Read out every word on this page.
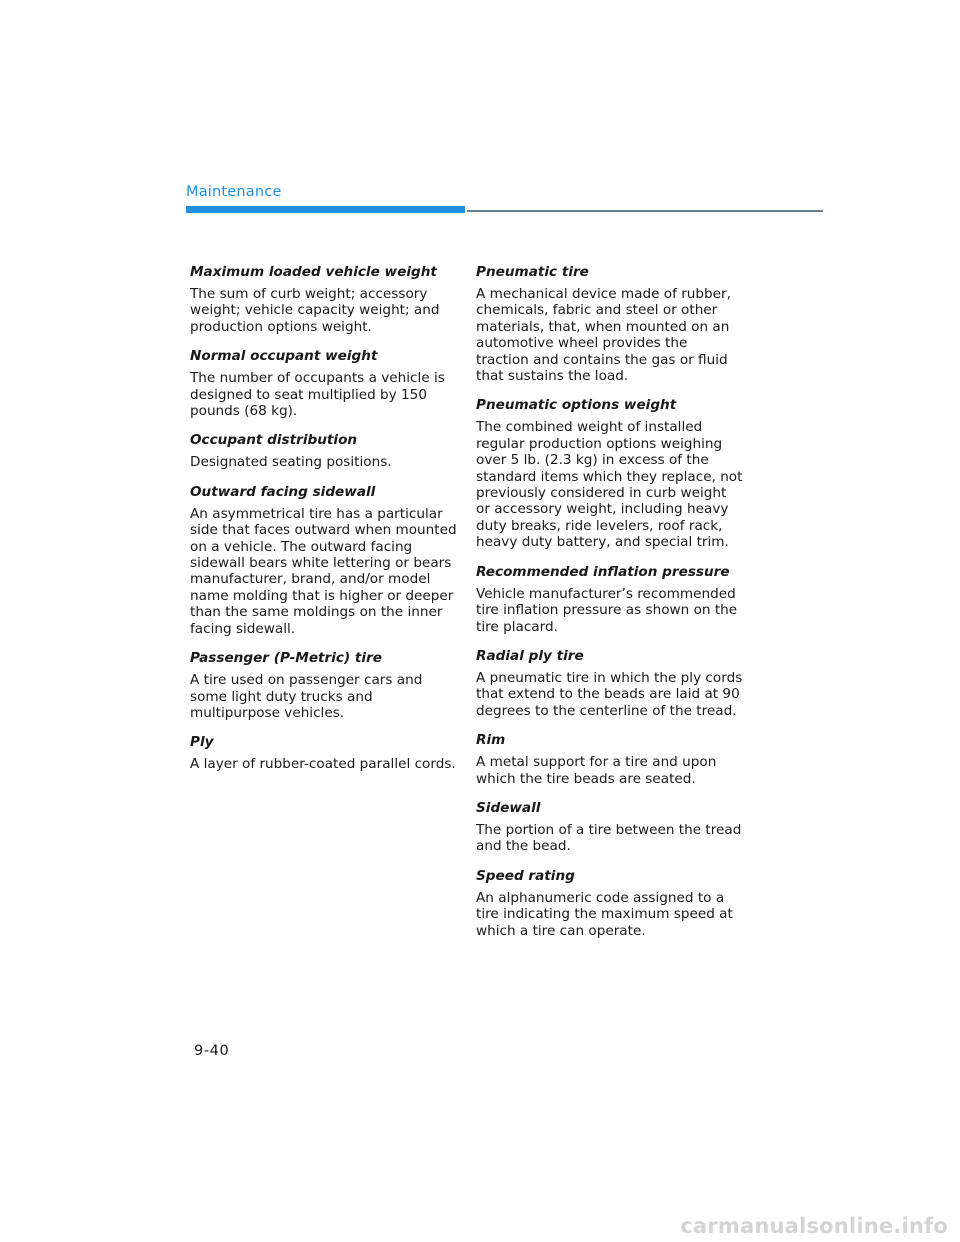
Maintenance

Maximum loaded vehicle weight

The sum of curb weight; accessory weight; vehicle capacity weight; and production options weight.

Normal occupant weight

The number of occupants a vehicle is designed to seat multiplied by 150 pounds (68 kg).

Occupant distribution

Designated seating positions.

Outward facing sidewall

An asymmetrical tire has a particular side that faces outward when mounted on a vehicle. The outward facing sidewall bears white lettering or bears manufacturer, brand, and/or model name molding that is higher or deeper than the same moldings on the inner facing sidewall.

Passenger (P-Metric) tire

A tire used on passenger cars and some light duty trucks and multipurpose vehicles.

Ply

A layer of rubber-coated parallel cords.

Pneumatic tire

A mechanical device made of rubber, chemicals, fabric and steel or other materials, that, when mounted on an automotive wheel provides the traction and contains the gas or fluid that sustains the load.

Pneumatic options weight

The combined weight of installed regular production options weighing over 5 lb. (2.3 kg) in excess of the standard items which they replace, not previously considered in curb weight or accessory weight, including heavy duty breaks, ride levelers, roof rack, heavy duty battery, and special trim.

Recommended inflation pressure

Vehicle manufacturer’s recommended tire inflation pressure as shown on the tire placard.

Radial ply tire

A pneumatic tire in which the ply cords that extend to the beads are laid at 90 degrees to the centerline of the tread.

Rim

A metal support for a tire and upon which the tire beads are seated.

Sidewall

The portion of a tire between the tread and the bead.

Speed rating

An alphanumeric code assigned to a tire indicating the maximum speed at which a tire can operate.

9-40
carmanualsonline.info
